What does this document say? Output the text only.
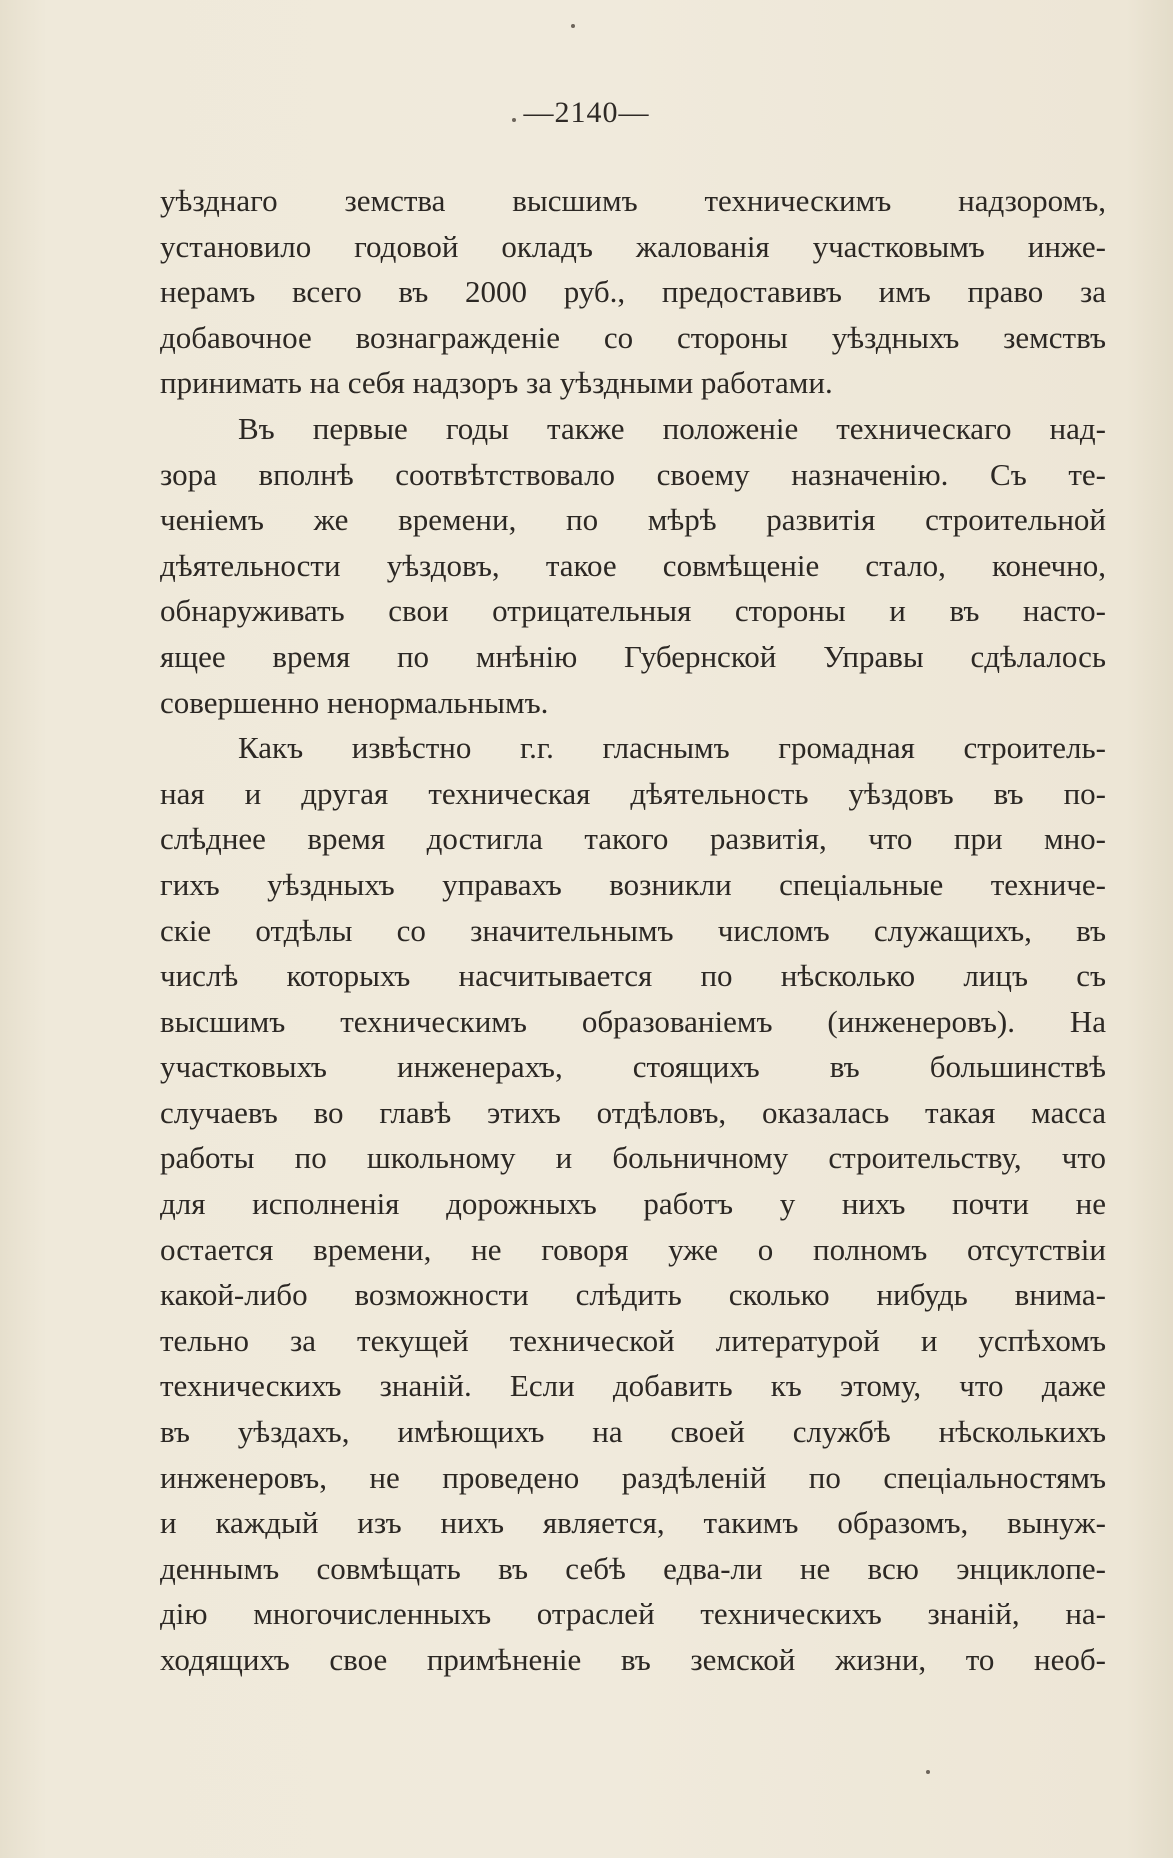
—2140—
уѣзднаго земства высшимъ техническимъ надзоромъ,
установило годовой окладъ жалованія участковымъ инже-
нерамъ всего въ 2000 руб., предоставивъ имъ право за
добавочное вознагражденіе со стороны уѣздныхъ земствъ
принимать на себя надзоръ за уѣздными работами.
Въ первые годы также положеніе техническаго над-
зора вполнѣ соотвѣтствовало своему назначенію. Съ те-
ченіемъ же времени, по мѣрѣ развитія строительной
дѣятельности уѣздовъ, такое совмѣщеніе стало, конечно,
обнаруживать свои отрицательныя стороны и въ насто-
ящее время по мнѣнію Губернской Управы сдѣлалось
совершенно ненормальнымъ.
Какъ извѣстно г.г. гласнымъ громадная строитель-
ная и другая техническая дѣятельность уѣздовъ въ по-
слѣднее время достигла такого развитія, что при мно-
гихъ уѣздныхъ управахъ возникли спеціальные техниче-
скіе отдѣлы со значительнымъ числомъ служащихъ, въ
числѣ которыхъ насчитывается по нѣсколько лицъ съ
высшимъ техническимъ образованіемъ (инженеровъ). На
участковыхъ инженерахъ, стоящихъ въ большинствѣ
случаевъ во главѣ этихъ отдѣловъ, оказалась такая масса
работы по школьному и больничному строительству, что
для исполненія дорожныхъ работъ у нихъ почти не
остается времени, не говоря уже о полномъ отсутствіи
какой-либо возможности слѣдить сколько нибудь внима-
тельно за текущей технической литературой и успѣхомъ
техническихъ знаній. Если добавить къ этому, что даже
въ уѣздахъ, имѣющихъ на своей службѣ нѣсколькихъ
инженеровъ, не проведено раздѣленій по спеціальностямъ
и каждый изъ нихъ является, такимъ образомъ, вынуж-
деннымъ совмѣщать въ себѣ едва-ли не всю энциклопе-
дію многочисленныхъ отраслей техническихъ знаній, на-
ходящихъ свое примѣненіе въ земской жизни, то необ-
